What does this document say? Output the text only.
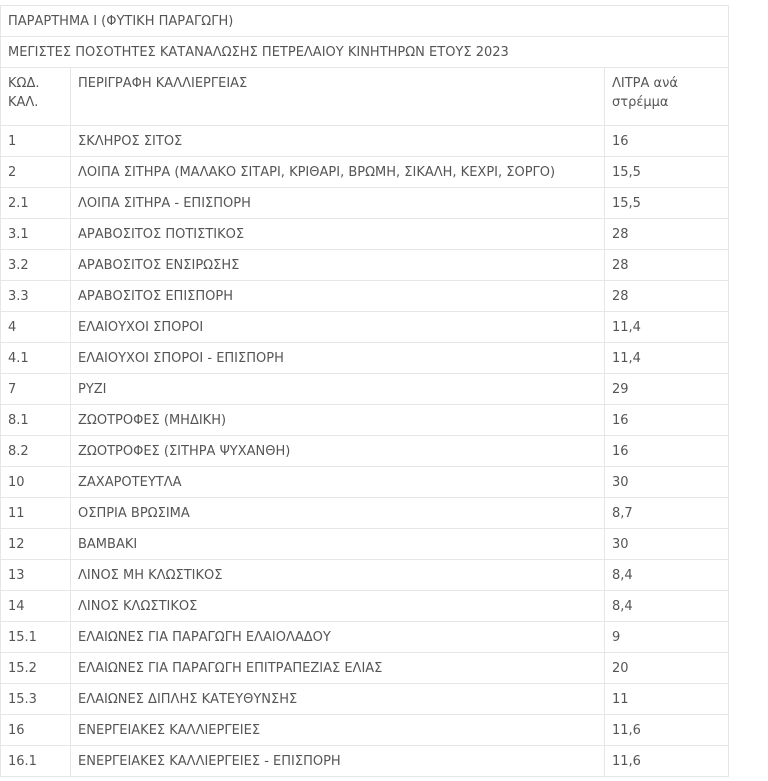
ΠΑΡΑΡΤΗΜΑ Ι (ΦΥΤΙΚΗ ΠΑΡΑΓΩΓΗ)		
ΜΕΓΙΣΤΕΣ ΠΟΣΟΤΗΤΕΣ ΚΑΤΑΝΑΛΩΣΗΣ ΠΕΤΡΕΛΑΙΟΥ ΚΙΝΗΤΗΡΩΝ ΕΤΟΥΣ 2023		
ΚΩΔ. ΚΑΛ.	ΠΕΡΙΓΡΑΦΗ ΚΑΛΛΙΕΡΓΕΙΑΣ	ΛΙΤΡΑ ανά στρέμμα
1	ΣΚΛΗΡΟΣ ΣΙΤΟΣ	16
2	ΛΟΙΠΑ ΣΙΤΗΡΑ (ΜΑΛΑΚΟ ΣΙΤΑΡΙ, ΚΡΙΘΑΡΙ, ΒΡΩΜΗ, ΣΙΚΑΛΗ, ΚΕΧΡΙ, ΣΟΡΓΟ)	15,5
2.1	ΛΟΙΠΑ ΣΙΤΗΡΑ - ΕΠΙΣΠΟΡΗ	15,5
3.1	ΑΡΑΒΟΣΙΤΟΣ ΠΟΤΙΣΤΙΚΟΣ	28
3.2	ΑΡΑΒΟΣΙΤΟΣ ΕΝΣΙΡΩΣΗΣ	28
3.3	ΑΡΑΒΟΣΙΤΟΣ ΕΠΙΣΠΟΡΗ	28
4	ΕΛΑΙΟΥΧΟΙ ΣΠΟΡΟΙ	11,4
4.1	ΕΛΑΙΟΥΧΟΙ ΣΠΟΡΟΙ - ΕΠΙΣΠΟΡΗ	11,4
7	ΡΥΖΙ	29
8.1	ΖΩΟΤΡΟΦΕΣ (ΜΗΔΙΚΗ)	16
8.2	ΖΩΟΤΡΟΦΕΣ (ΣΙΤΗΡΑ ΨΥΧΑΝΘΗ)	16
10	ΖΑΧΑΡΟΤΕΥΤΛΑ	30
11	ΟΣΠΡΙΑ ΒΡΩΣΙΜΑ	8,7
12	ΒΑΜΒΑΚΙ	30
13	ΛΙΝΟΣ ΜΗ ΚΛΩΣΤΙΚΟΣ	8,4
14	ΛΙΝΟΣ ΚΛΩΣΤΙΚΟΣ	8,4
15.1	ΕΛΑΙΩΝΕΣ ΓΙΑ ΠΑΡΑΓΩΓΗ ΕΛΑΙΟΛΑΔΟΥ	9
15.2	ΕΛΑΙΩΝΕΣ ΓΙΑ ΠΑΡΑΓΩΓΗ ΕΠΙΤΡΑΠΕΖΙΑΣ ΕΛΙΑΣ	20
15.3	ΕΛΑΙΩΝΕΣ ΔΙΠΛΗΣ ΚΑΤΕΥΘΥΝΣΗΣ	11
16	ΕΝΕΡΓΕΙΑΚΕΣ ΚΑΛΛΙΕΡΓΕΙΕΣ	11,6
16.1	ΕΝΕΡΓΕΙΑΚΕΣ ΚΑΛΛΙΕΡΓΕΙΕΣ - ΕΠΙΣΠΟΡΗ	11,6
